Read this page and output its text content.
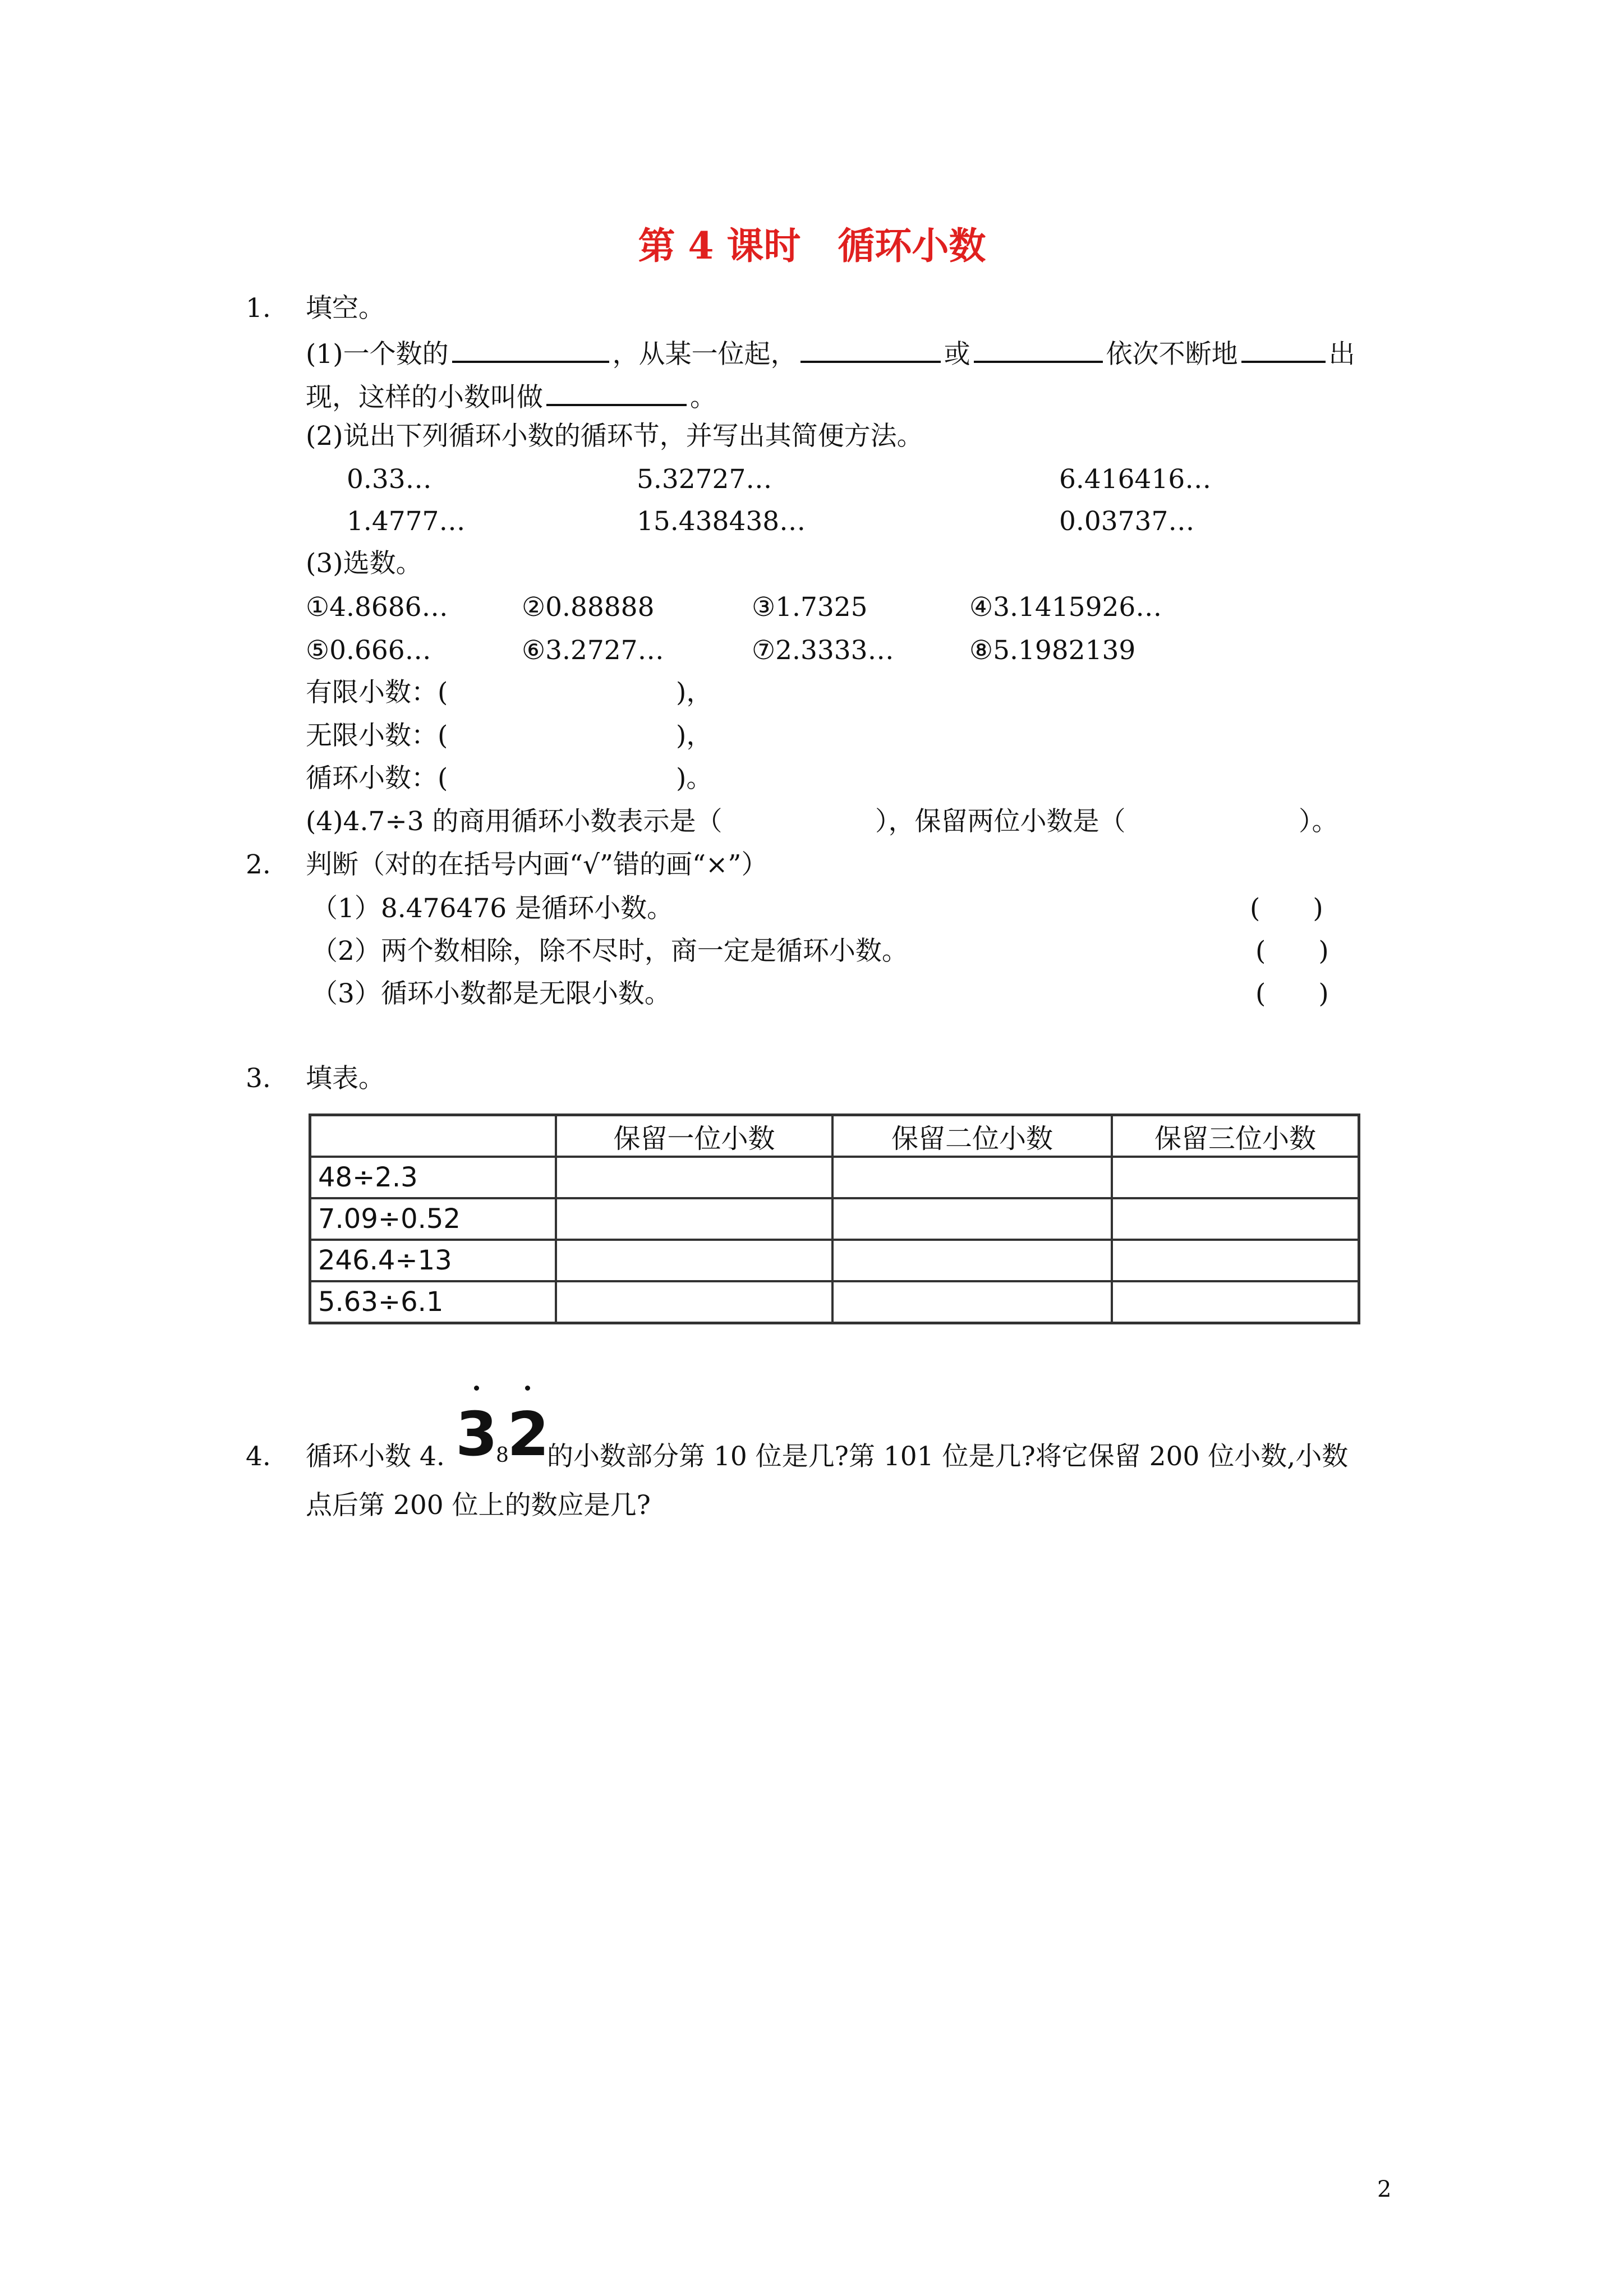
第 4 课时　循环小数
1. 填空。
(1)一个数的	，从某一位起，	或	依次不断地	出
现，这样的小数叫做	。
(2)说出下列循环小数的循环节，并写出其简便方法。
0.33…	5.32727…	6.416416…
1.4777…	15.438438…	0.03737…
(3)选数。
①4.8686…	②0.88888	③1.7325	④3.1415926…
⑤0.666…	⑥3.2727…	⑦2.3333…	⑧5.1982139
有限小数：(	)，
无限小数：(	)，
循环小数：(	)。
(4)4.7÷3 的商用循环小数表示是（	），保留两位小数是（	）。
2. 判断（对的在括号内画“√”错的画“×”）
（1）8.476476 是循环小数。	(　　)
（2）两个数相除，除不尽时，商一定是循环小数。	(　　)
（3）循环小数都是无限小数。	(　　)
3. 填表。
	保留一位小数	保留二位小数	保留三位小数
48÷2.3			
7.09÷0.52			
246.4÷13			
5.63÷6.1			
4. 循环小数 4. 3
8
2
的小数部分第 10 位是几?第 101 位是几?将它保留 200 位小数,小数
点后第 200 位上的数应是几?
2
